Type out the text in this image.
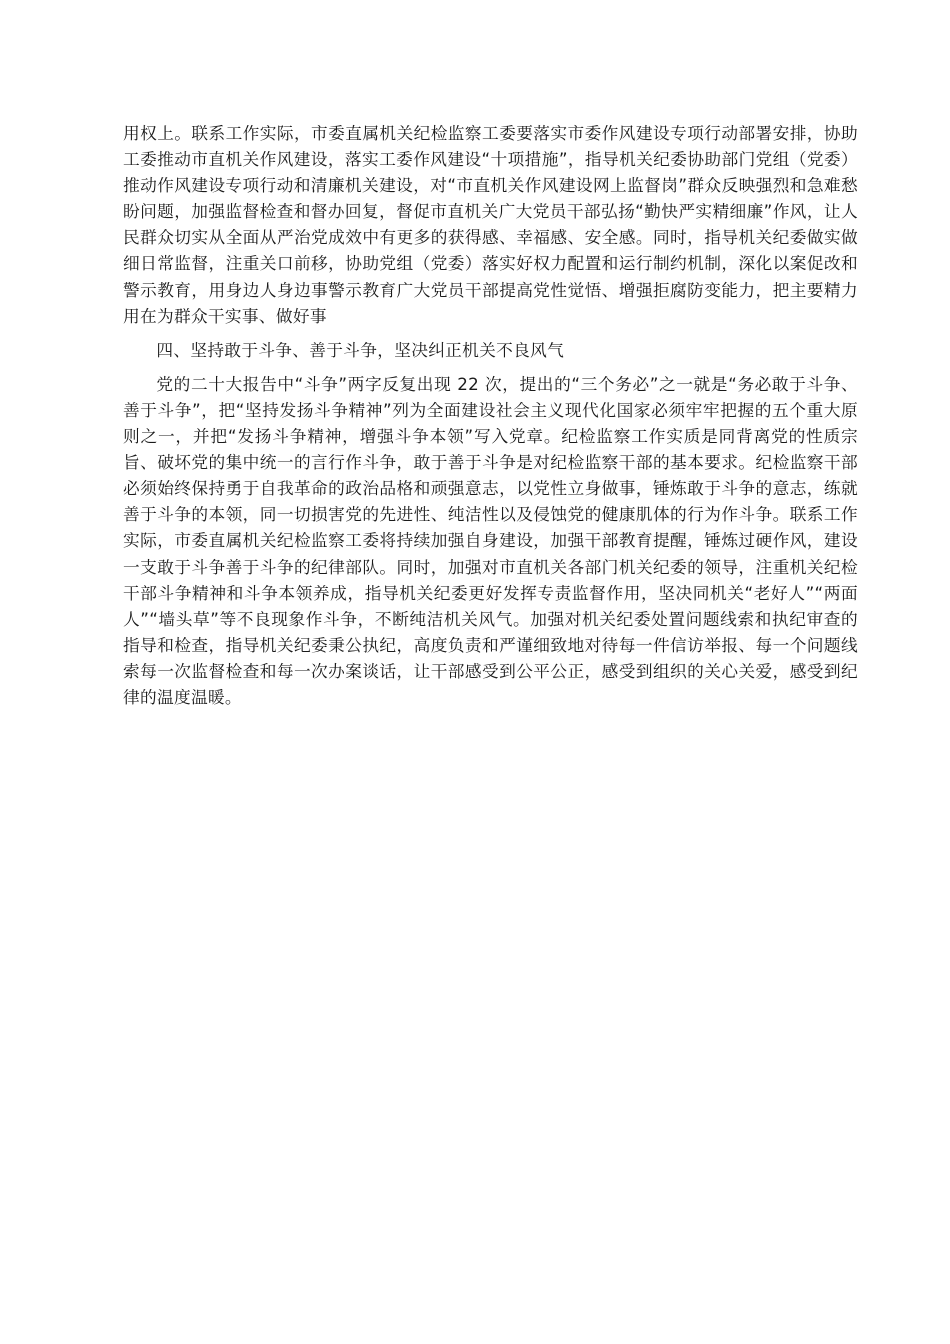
用权上。联系工作实际，市委直属机关纪检监察工委要落实市委作风建设专项行动部署安排，协助工委推动市直机关作风建设，落实工委作风建设“十项措施”，指导机关纪委协助部门党组（党委）推动作风建设专项行动和清廉机关建设，对“市直机关作风建设网上监督岗”群众反映强烈和急难愁盼问题，加强监督检查和督办回复，督促市直机关广大党员干部弘扬“勤快严实精细廉”作风，让人民群众切实从全面从严治党成效中有更多的获得感、幸福感、安全感。同时，指导机关纪委做实做细日常监督，注重关口前移，协助党组（党委）落实好权力配置和运行制约机制，深化以案促改和警示教育，用身边人身边事警示教育广大党员干部提高党性觉悟、增强拒腐防变能力，把主要精力用在为群众干实事、做好事

四、坚持敢于斗争、善于斗争，坚决纠正机关不良风气

党的二十大报告中“斗争”两字反复出现 22 次，提出的“三个务必”之一就是“务必敢于斗争、善于斗争”，把“坚持发扬斗争精神”列为全面建设社会主义现代化国家必须牢牢把握的五个重大原则之一，并把“发扬斗争精神，增强斗争本领”写入党章。纪检监察工作实质是同背离党的性质宗旨、破坏党的集中统一的言行作斗争，敢于善于斗争是对纪检监察干部的基本要求。纪检监察干部必须始终保持勇于自我革命的政治品格和顽强意志，以党性立身做事，锤炼敢于斗争的意志，练就善于斗争的本领，同一切损害党的先进性、纯洁性以及侵蚀党的健康肌体的行为作斗争。联系工作实际，市委直属机关纪检监察工委将持续加强自身建设，加强干部教育提醒，锤炼过硬作风，建设一支敢于斗争善于斗争的纪律部队。同时，加强对市直机关各部门机关纪委的领导，注重机关纪检干部斗争精神和斗争本领养成，指导机关纪委更好发挥专责监督作用，坚决同机关“老好人”“两面人”“墙头草”等不良现象作斗争，不断纯洁机关风气。加强对机关纪委处置问题线索和执纪审查的指导和检查，指导机关纪委秉公执纪，高度负责和严谨细致地对待每一件信访举报、每一个问题线索每一次监督检查和每一次办案谈话，让干部感受到公平公正，感受到组织的关心关爱，感受到纪律的温度温暖。
